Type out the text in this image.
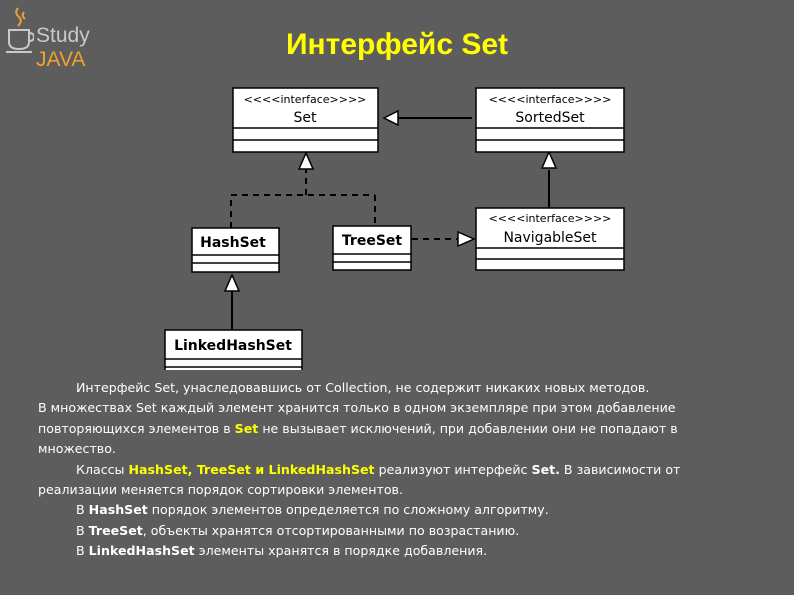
Study JAVA	Интерфейс Set
<<<<interface>>>>
Set
<<<<interface>>>>
SortedSet
<<<<interface>>>>
NavigableSet
HashSet	TreeSet
LinkedHashSet

Интерфейс Set, унаследовавшись от Collection, не содержит никаких новых методов.

В множествах Set каждый элемент хранится только в одном экземпляре при этом добавление повторяющихся элементов в Set не вызывает исключений, при добавлении они не попадают в множество.

Классы HashSet, TreeSet и LinkedHashSet реализуют интерфейс Set. В зависимости от реализации меняется порядок сортировки элементов.

В HashSet порядок элементов определяется по сложному алгоритму.

В TreeSet, объекты хранятся отсортированными по возрастанию.

В LinkedHashSet элементы хранятся в порядке добавления.
